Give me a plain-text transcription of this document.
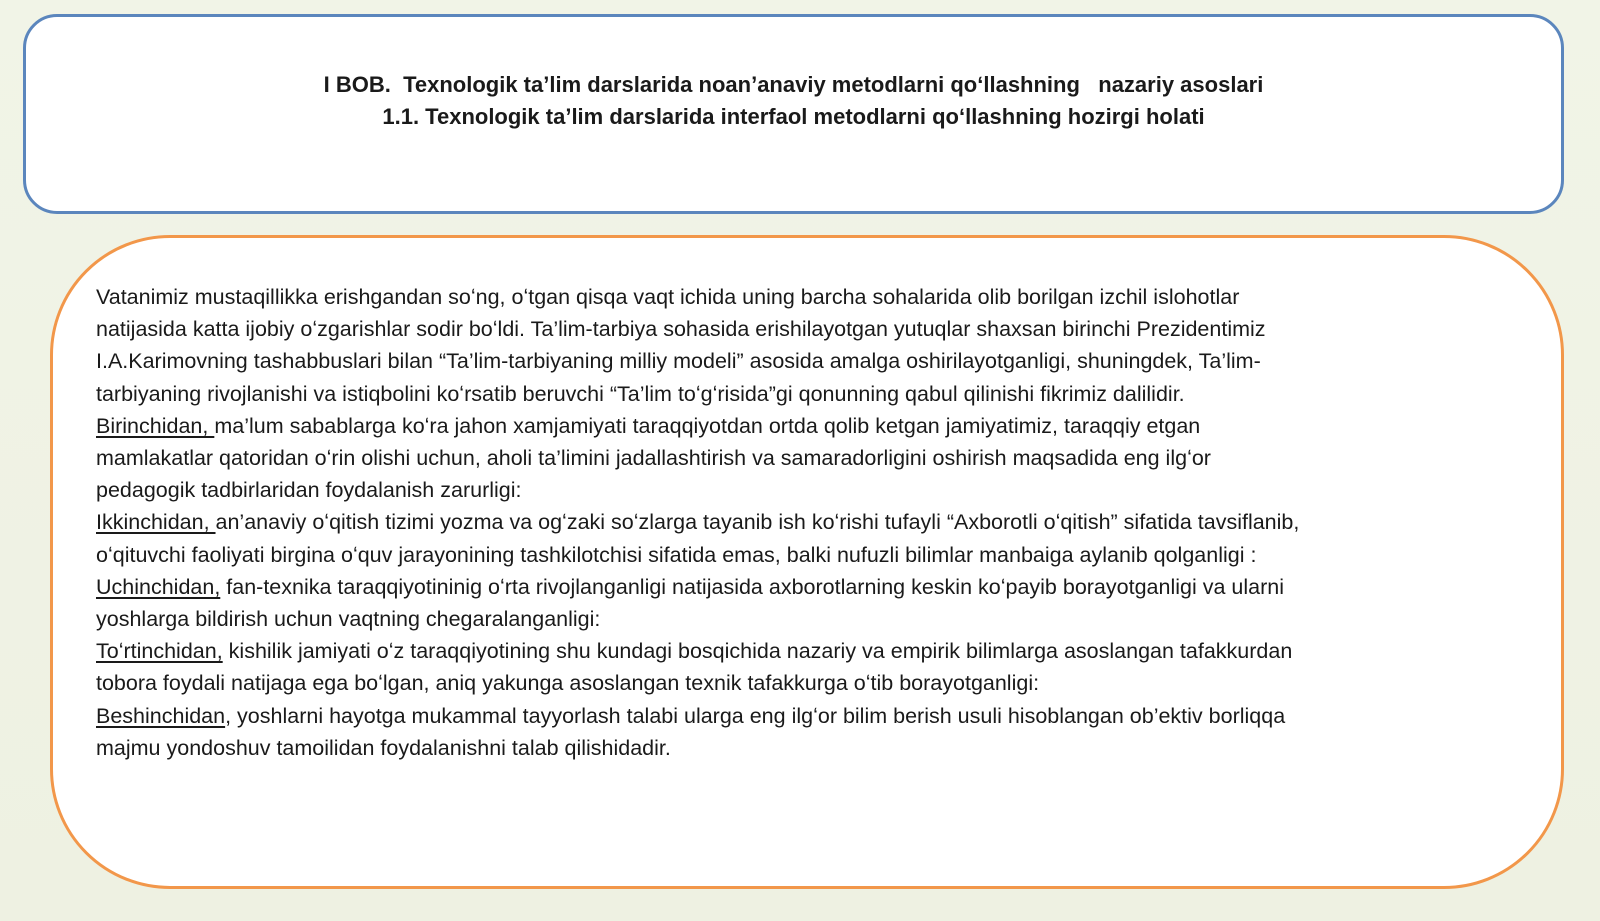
I BOB.  Texnologik ta’lim darslarida noan’anaviy metodlarni qoʻllashning   nazariy asoslari
1.1. Texnologik ta’lim darslarida interfaol metodlarni qoʻllashning hozirgi holati
Vatanimiz mustaqillikka erishgandan soʻng, oʻtgan qisqa vaqt ichida uning barcha sohalarida olib borilgan izchil islohotlar
natijasida katta ijobiy oʻzgarishlar sodir boʻldi. Ta’lim-tarbiya sohasida erishilayotgan yutuqlar shaxsan birinchi Prezidentimiz
I.A.Karimovning tashabbuslari bilan “Ta’lim-tarbiyaning milliy modeli” asosida amalga oshirilayotganligi, shuningdek, Ta’lim-
tarbiyaning rivojlanishi va istiqbolini koʻrsatib beruvchi “Ta’lim toʻgʻrisida”gi qonunning qabul qilinishi fikrimiz dalilidir.
Birinchidan, ma’lum sabablarga koʻra jahon xamjamiyati taraqqiyotdan ortda qolib ketgan jamiyatimiz, taraqqiy etgan
mamlakatlar qatoridan oʻrin olishi uchun, aholi ta’limini jadallashtirish va samaradorligini oshirish maqsadida eng ilgʻor
pedagogik tadbirlaridan foydalanish zarurligi:
Ikkinchidan, an’anaviy oʻqitish tizimi yozma va ogʻzaki soʻzlarga tayanib ish koʻrishi tufayli “Axborotli oʻqitish” sifatida tavsiflanib,
oʻqituvchi faoliyati birgina oʻquv jarayonining tashkilotchisi sifatida emas, balki nufuzli bilimlar manbaiga aylanib qolganligi :
Uchinchidan, fan-texnika taraqqiyotininig oʻrta rivojlanganligi natijasida axborotlarning keskin koʻpayib borayotganligi va ularni
yoshlarga bildirish uchun vaqtning chegaralanganligi:
Toʻrtinchidan, kishilik jamiyati oʻz taraqqiyotining shu kundagi bosqichida nazariy va empirik bilimlarga asoslangan tafakkurdan
tobora foydali natijaga ega boʻlgan, aniq yakunga asoslangan texnik tafakkurga oʻtib borayotganligi:
Beshinchidan, yoshlarni hayotga mukammal tayyorlash talabi ularga eng ilgʻor bilim berish usuli hisoblangan ob’ektiv borliqqa
majmu yondoshuv tamoilidan foydalanishni talab qilishidadir.
